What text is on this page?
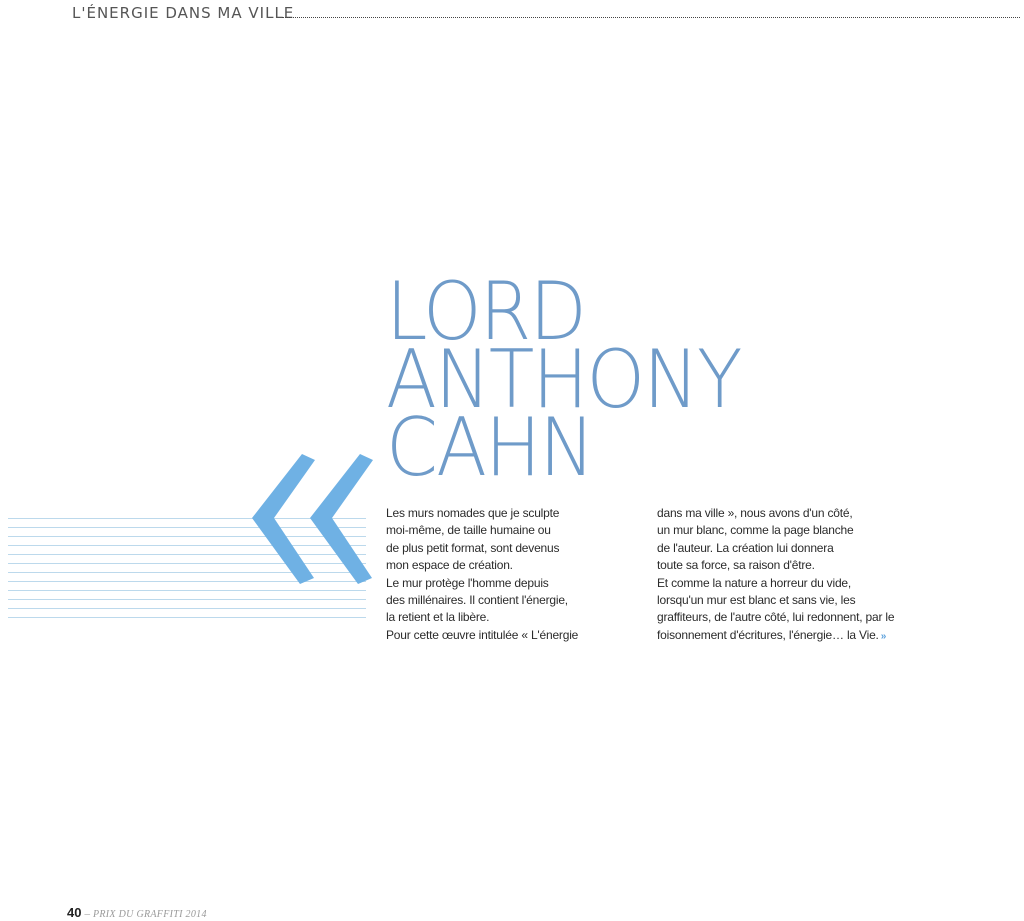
L'ÉNERGIE DANS MA VILLE
LORD
ANTHONY
CAHN
Les murs nomades que je sculpte
moi-même, de taille humaine ou
de plus petit format, sont devenus
mon espace de création.
Le mur protège l'homme depuis
des millénaires. Il contient l'énergie,
la retient et la libère.
Pour cette œuvre intitulée « L'énergie
dans ma ville », nous avons d'un côté,
un mur blanc, comme la page blanche
de l'auteur. La création lui donnera
toute sa force, sa raison d'être.
Et comme la nature a horreur du vide,
lorsqu'un mur est blanc et sans vie, les
graffiteurs, de l'autre côté, lui redonnent, par le
foisonnement d'écritures, l'énergie… la Vie. »
40 – PRIX DU GRAFFITI 2014
